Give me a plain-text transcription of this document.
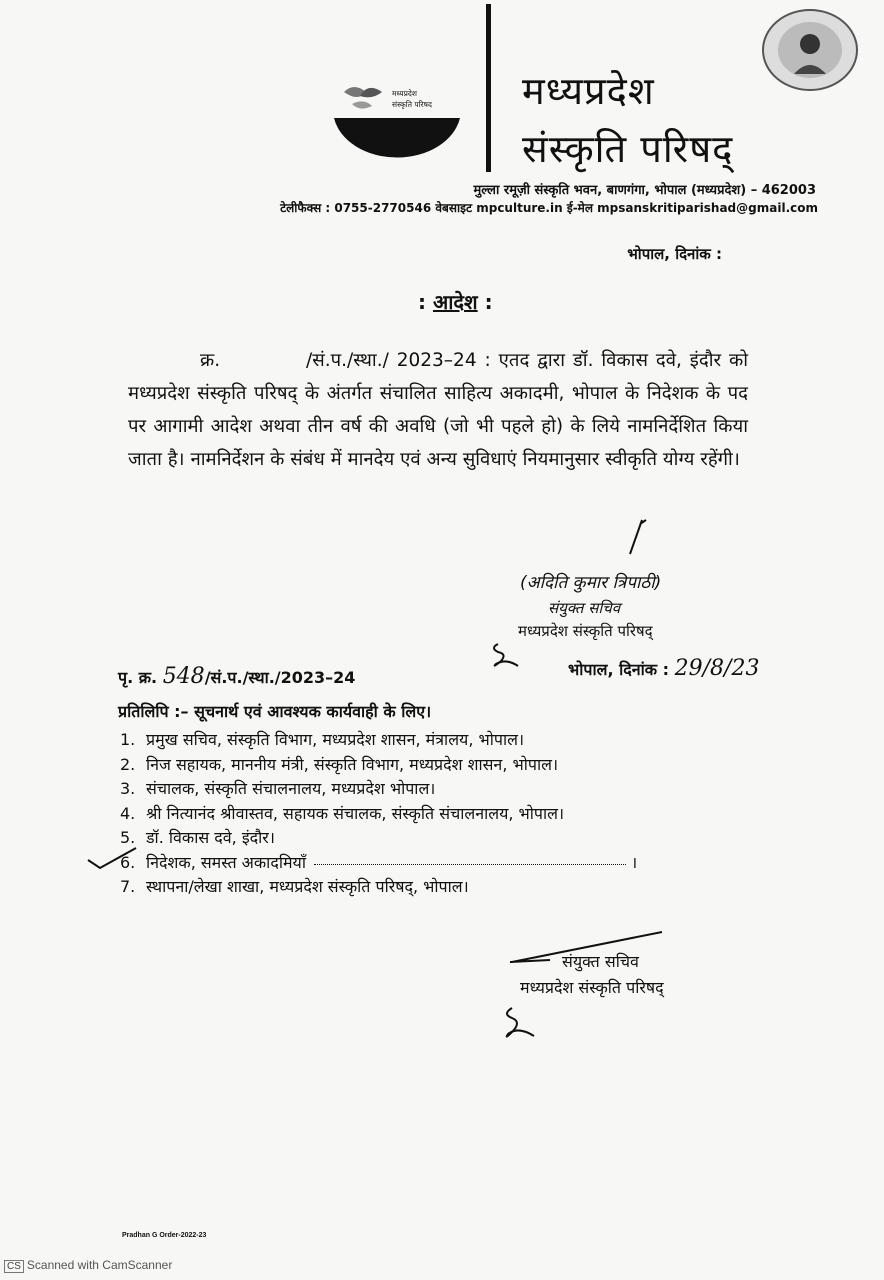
मध्यप्रदेश
संस्कृति परिषद मध्यप्रदेश
संस्कृति परिषद्
मुल्ला रमूज़ी संस्कृति भवन, बाणगंगा, भोपाल (मध्यप्रदेश) – 462003
टेलीफैक्स : 0755-2770546 वेबसाइट mpculture.in ई-मेल mpsanskritiparishad@gmail.com
भोपाल, दिनांक :
: आदेश :
क्र.	/सं.प./स्था./ 2023–24 : एतद द्वारा डॉ. विकास दवे, इंदौर को मध्यप्रदेश संस्कृति परिषद् के अंतर्गत संचालित साहित्य अकादमी, भोपाल के निदेशक के पद पर आगामी आदेश अथवा तीन वर्ष की अवधि (जो भी पहले हो) के लिये नामनिर्देशित किया जाता है। नामनिर्देशन के संबंध में मानदेय एवं अन्य सुविधाएं नियमानुसार स्वीकृति योग्य रहेंगी।
(अदिति कुमार त्रिपाठी)
संयुक्त सचिव
मध्यप्रदेश संस्कृति परिषद्
पृ. क्र. 548/सं.प./स्था./2023–24	भोपाल, दिनांक : 29/8/23
प्रतिलिपि :– सूचनार्थ एवं आवश्यक कार्यवाही के लिए।
1. प्रमुख सचिव, संस्कृति विभाग, मध्यप्रदेश शासन, मंत्रालय, भोपाल।
2. निज सहायक, माननीय मंत्री, संस्कृति विभाग, मध्यप्रदेश शासन, भोपाल।
3. संचालक, संस्कृति संचालनालय, मध्यप्रदेश भोपाल।
4. श्री नित्यानंद श्रीवास्तव, सहायक संचालक, संस्कृति संचालनालय, भोपाल।
5. डॉ. विकास दवे, इंदौर।
6. निदेशक, समस्त अकादमियाँ	।
7. स्थापना/लेखा शाखा, मध्यप्रदेश संस्कृति परिषद्, भोपाल।
संयुक्त सचिव
मध्यप्रदेश संस्कृति परिषद्
Pradhan G Order-2022-23
CS Scanned with CamScanner
